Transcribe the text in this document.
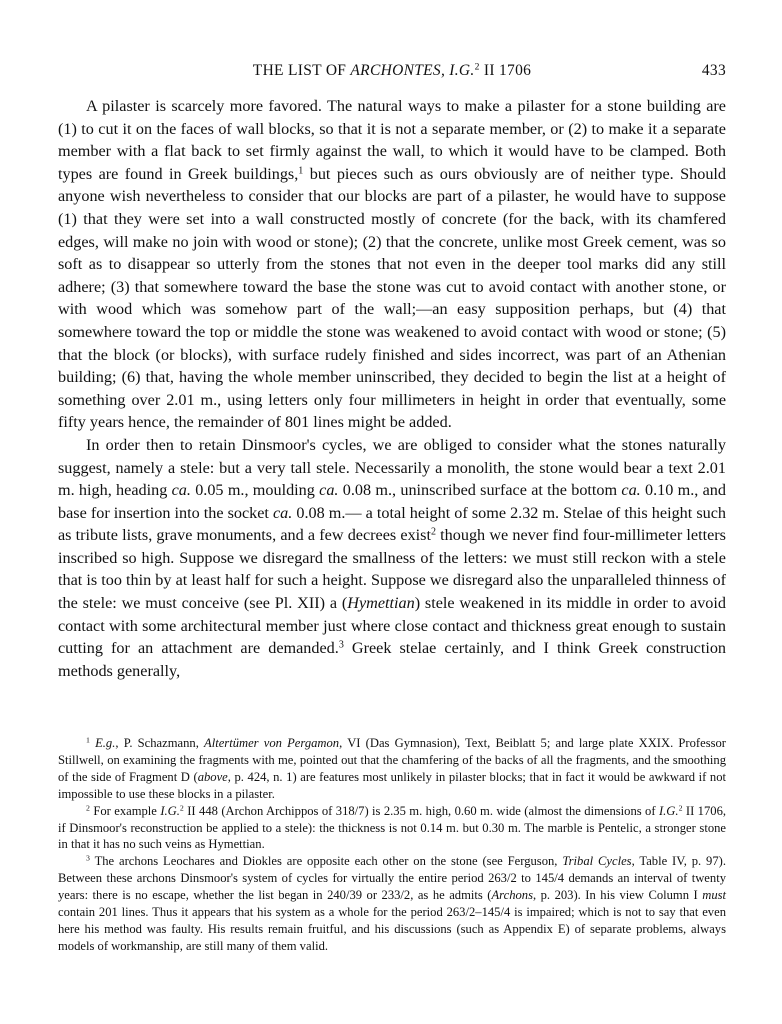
THE LIST OF ARCHONTES, I.G.$^2$ II 1706	433

A pilaster is scarcely more favored. The natural ways to make a pilaster for a stone building are (1) to cut it on the faces of wall blocks, so that it is not a separate member, or (2) to make it a separate member with a flat back to set firmly against the wall, to which it would have to be clamped. Both types are found in Greek buildings,$^1$ but pieces such as ours obviously are of neither type. Should anyone wish nevertheless to consider that our blocks are part of a pilaster, he would have to suppose (1) that they were set into a wall constructed mostly of concrete (for the back, with its chamfered edges, will make no join with wood or stone); (2) that the concrete, unlike most Greek cement, was so soft as to disappear so utterly from the stones that not even in the deeper tool marks did any still adhere; (3) that somewhere toward the base the stone was cut to avoid contact with another stone, or with wood which was somehow part of the wall;—an easy supposition perhaps, but (4) that somewhere toward the top or middle the stone was weakened to avoid contact with wood or stone; (5) that the block (or blocks), with surface rudely finished and sides incorrect, was part of an Athenian building; (6) that, having the whole member uninscribed, they decided to begin the list at a height of something over 2.01 m., using letters only four millimeters in height in order that eventually, some fifty years hence, the remainder of 801 lines might be added.

In order then to retain Dinsmoor's cycles, we are obliged to consider what the stones naturally suggest, namely a stele: but a very tall stele. Necessarily a monolith, the stone would bear a text 2.01 m. high, heading ca. 0.05 m., moulding ca. 0.08 m., uninscribed surface at the bottom ca. 0.10 m., and base for insertion into the socket ca. 0.08 m.— a total height of some 2.32 m. Stelae of this height such as tribute lists, grave monuments, and a few decrees exist$^2$ though we never find four-millimeter letters inscribed so high. Suppose we disregard the smallness of the letters: we must still reckon with a stele that is too thin by at least half for such a height. Suppose we disregard also the unparalleled thinness of the stele: we must conceive (see Pl. XII) a (Hymettian) stele weakened in its middle in order to avoid contact with some architectural member just where close contact and thickness great enough to sustain cutting for an attachment are demanded.$^3$ Greek stelae certainly, and I think Greek construction methods generally,

$^1$ E.g., P. Schazmann, Altertümer von Pergamon, VI (Das Gymnasion), Text, Beiblatt 5; and large plate XXIX. Professor Stillwell, on examining the fragments with me, pointed out that the chamfering of the backs of all the fragments, and the smoothing of the side of Fragment D (above, p. 424, n. 1) are features most unlikely in pilaster blocks; that in fact it would be awkward if not impossible to use these blocks in a pilaster.

$^2$ For example I.G.$^2$ II 448 (Archon Archippos of 318/7) is 2.35 m. high, 0.60 m. wide (almost the dimensions of I.G.$^2$ II 1706, if Dinsmoor's reconstruction be applied to a stele): the thickness is not 0.14 m. but 0.30 m. The marble is Pentelic, a stronger stone in that it has no such veins as Hymettian.

$^3$ The archons Leochares and Diokles are opposite each other on the stone (see Ferguson, Tribal Cycles, Table IV, p. 97). Between these archons Dinsmoor's system of cycles for virtually the entire period 263/2 to 145/4 demands an interval of twenty years: there is no escape, whether the list began in 240/39 or 233/2, as he admits (Archons, p. 203). In his view Column I must contain 201 lines. Thus it appears that his system as a whole for the period 263/2–145/4 is impaired; which is not to say that even here his method was faulty. His results remain fruitful, and his discussions (such as Appendix E) of separate problems, always models of workmanship, are still many of them valid.
